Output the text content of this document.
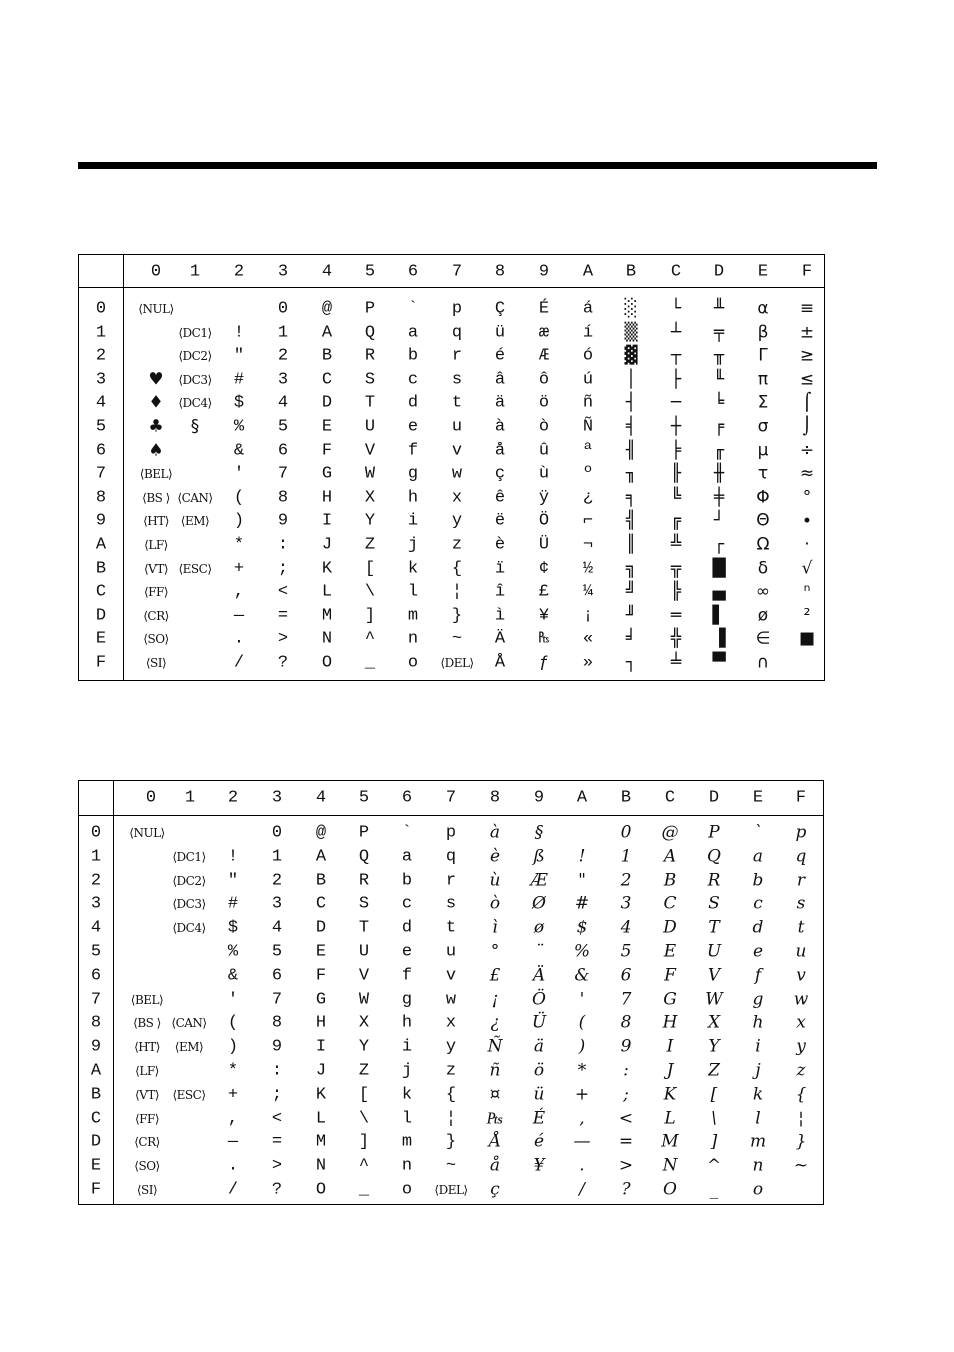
0 1 2 3 4 5 6 7 8 9 A B C D E F
0
1
2
3
4
5
6
7
8
9
A
B
C
D
E
F
⟨NUL⟩
♥
♦
♣
♠
⟨BEL⟩
⟨BS ⟩
⟨HT⟩
⟨LF⟩
⟨VT⟩
⟨FF⟩
⟨CR⟩
⟨SO⟩
⟨SI⟩
⟨DC1⟩
⟨DC2⟩
⟨DC3⟩
⟨DC4⟩
§
⟨CAN⟩
⟨EM⟩
⟨ESC⟩
!
"
#
$
%
&
'
(
)
*
+
,
—
.
/
0
1
2
3
4
5
6
7
8
9
:
;
<
=
>
?
@
A
B
C
D
E
F
G
H
I
J
K
L
M
N
O
P
Q
R
S
T
U
V
W
X
Y
Z
[
\
]
^
_
`
a
b
c
d
e
f
g
h
i
j
k
l
m
n
o
p
q
r
s
t
u
v
w
x
y
z
{
¦
}
~
⟨DEL⟩
Ç
ü
é
â
ä
à
å
ç
ê
ë
è
ï
î
ì
Ä
Å
É
æ
Æ
ô
ö
ò
û
ù
ÿ
Ö
Ü
¢
£
¥
₧
ƒ
á
í
ó
ú
ñ
Ñ
ª
º
¿
⌐
¬
½
¼
¡
«
»
░
▒
▓
│
┤
╡
╢
╖
╕
╣
║
╗
╝
╜
╛
┐
└
┴
┬
├
─
┼
╞
╟
╚
╔
╩
╦
╠
═
╬
╧
╨
╤
╥
╙
╘
╒
╓
╫
╪
┘
┌
█
▄
▌
▐
▀
α
β
Γ
π
Σ
σ
µ
τ
Φ
Θ
Ω
δ
∞
ø
∈
∩
≡
±
≥
≤
⌠
⌡
÷
≈
°
∙
·
√
ⁿ
²
■
0 1 2 3 4 5 6 7 8 9 A B C D E F
0
1
2
3
4
5
6
7
8
9
A
B
C
D
E
F
⟨NUL⟩
⟨BEL⟩
⟨BS ⟩
⟨HT⟩
⟨LF⟩
⟨VT⟩
⟨FF⟩
⟨CR⟩
⟨SO⟩
⟨SI⟩
⟨DC1⟩
⟨DC2⟩
⟨DC3⟩
⟨DC4⟩
⟨CAN⟩
⟨EM⟩
⟨ESC⟩
!
"
#
$
%
&
'
(
)
*
+
,
—
.
/
0
1
2
3
4
5
6
7
8
9
:
;
<
=
>
?
@
A
B
C
D
E
F
G
H
I
J
K
L
M
N
O
P
Q
R
S
T
U
V
W
X
Y
Z
[
\
]
^
_
`
a
b
c
d
e
f
g
h
i
j
k
l
m
n
o
p
q
r
s
t
u
v
w
x
y
z
{
¦
}
~
⟨DEL⟩
à
è
ù
ò
ì
°
£
¡
¿
Ñ
ñ
¤
₧
Å
å
ç
§
ß
Æ
Ø
ø
¨
Ä
Ö
Ü
ä
ö
ü
É
é
¥
!
"
#
$
%
&
'
(
)
*
+
,
—
.
/
0
1
2
3
4
5
6
7
8
9
:
;
<
=
>
?
@
A
B
C
D
E
F
G
H
I
J
K
L
M
N
O
P
Q
R
S
T
U
V
W
X
Y
Z
[
\
]
^
_
`
a
b
c
d
e
f
g
h
i
j
k
l
m
n
o
p
q
r
s
t
u
v
w
x
y
z
{
¦
}
~
